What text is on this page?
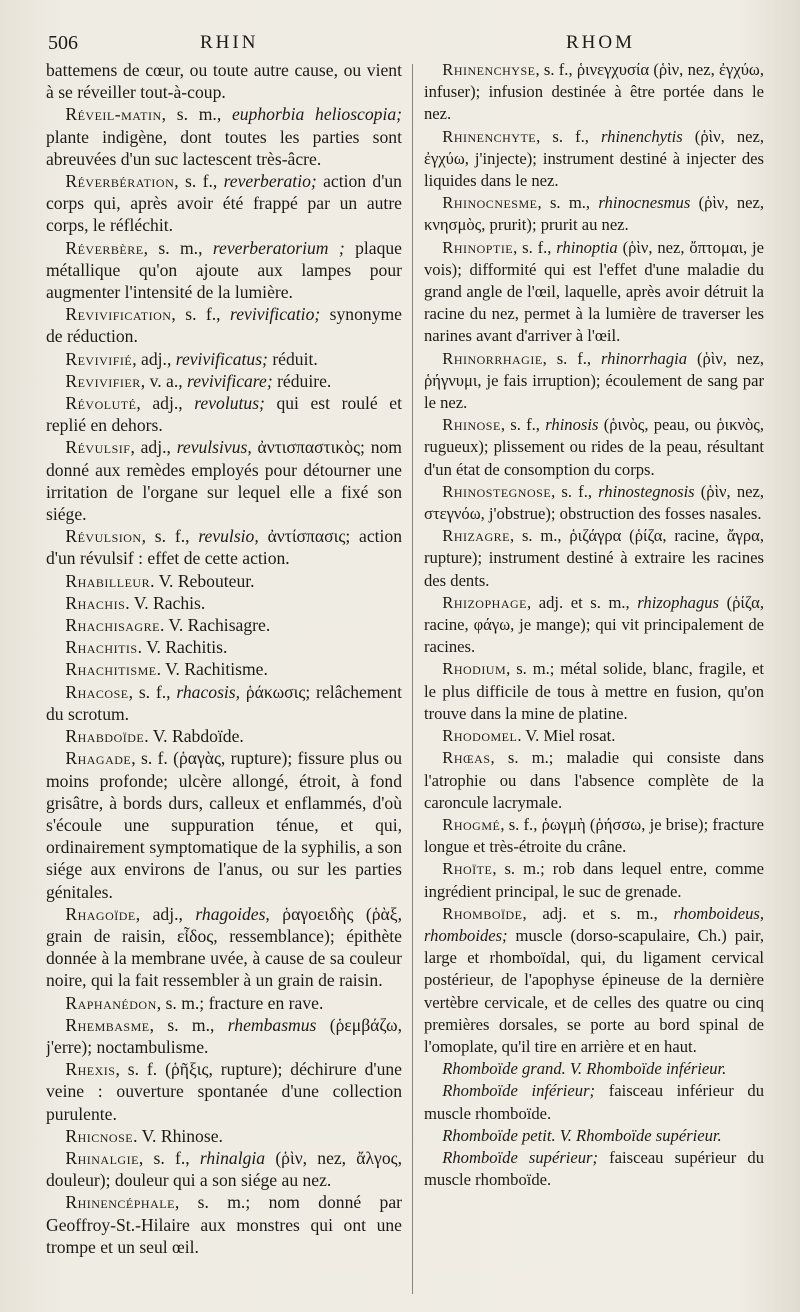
506	RHIN	RHOM

battemens de cœur, ou toute autre cause, ou vient à se réveiller tout-à-coup.

Réveil-matin, s. m., euphorbia helioscopia; plante indigène, dont toutes les parties sont abreuvées d'un suc lactescent très-âcre.

Réverbération, s. f., reverberatio; action d'un corps qui, après avoir été frappé par un autre corps, le réfléchit.

Réverbère, s. m., reverberatorium ; plaque métallique qu'on ajoute aux lampes pour augmenter l'intensité de la lumière.

Revivification, s. f., revivificatio; synonyme de réduction.

Revivifié, adj., revivificatus; réduit.

Revivifier, v. a., revivificare; réduire.

Révoluté, adj., revolutus; qui est roulé et replié en dehors.

Révulsif, adj., revulsivus, ἀντισπαστικὸς; nom donné aux remèdes employés pour détourner une irritation de l'organe sur lequel elle a fixé son siége.

Révulsion, s. f., revulsio, ἀντίσπασις; action d'un révulsif : effet de cette action.

Rhabilleur. V. Rebouteur.

Rhachis. V. Rachis.

Rhachisagre. V. Rachisagre.

Rhachitis. V. Rachitis.

Rhachitisme. V. Rachitisme.

Rhacose, s. f., rhacosis, ῥάκωσις; relâchement du scrotum.

Rhabdoïde. V. Rabdoïde.

Rhagade, s. f. (ῥαγὰς, rupture); fissure plus ou moins profonde; ulcère allongé, étroit, à fond grisâtre, à bords durs, calleux et enflammés, d'où s'écoule une suppuration ténue, et qui, ordinairement symptomatique de la syphilis, a son siége aux environs de l'anus, ou sur les parties génitales.

Rhagoïde, adj., rhagoides, ῥαγοειδὴς (ῥὰξ, grain de raisin, εἶδος, ressemblance); épithète donnée à la membrane uvée, à cause de sa couleur noire, qui la fait ressembler à un grain de raisin.

Raphanédon, s. m.; fracture en rave.

Rhembasme, s. m., rhembasmus (ῥεμβάζω, j'erre); noctambulisme.

Rhexis, s. f. (ῥῆξις, rupture); déchirure d'une veine : ouverture spontanée d'une collection purulente.

Rhicnose. V. Rhinose.

Rhinalgie, s. f., rhinalgia (ῥὶν, nez, ἄλγος, douleur); douleur qui a son siége au nez.

Rhinencéphale, s. m.; nom donné par Geoffroy-St.-Hilaire aux monstres qui ont une trompe et un seul œil.

Rhinenchyse, s. f., ῥινεγχυσία (ῥὶν, nez, ἐγχύω, infuser); infusion destinée à être portée dans le nez.

Rhinenchyte, s. f., rhinenchytis (ῥὶν, nez, ἐγχύω, j'injecte); instrument destiné à injecter des liquides dans le nez.

Rhinocnesme, s. m., rhinocnesmus (ῥὶν, nez, κνησμὸς, prurit); prurit au nez.

Rhinoptie, s. f., rhinoptia (ῥὶν, nez, ὄπτομαι, je vois); difformité qui est l'effet d'une maladie du grand angle de l'œil, laquelle, après avoir détruit la racine du nez, permet à la lumière de traverser les narines avant d'arriver à l'œil.

Rhinorrhagie, s. f., rhinorrhagia (ῥὶν, nez, ῥήγνυμι, je fais irruption); écoulement de sang par le nez.

Rhinose, s. f., rhinosis (ῥινὸς, peau, ou ῥικνὸς, rugueux); plissement ou rides de la peau, résultant d'un état de consomption du corps.

Rhinostegnose, s. f., rhinostegnosis (ῥὶν, nez, στεγνόω, j'obstrue); obstruction des fosses nasales.

Rhizagre, s. m., ῥιζάγρα (ῥίζα, racine, ἄγρα, rupture); instrument destiné à extraire les racines des dents.

Rhizophage, adj. et s. m., rhizophagus (ῥίζα, racine, φάγω, je mange); qui vit principalement de racines.

Rhodium, s. m.; métal solide, blanc, fragile, et le plus difficile de tous à mettre en fusion, qu'on trouve dans la mine de platine.

Rhodomel. V. Miel rosat.

Rhœas, s. m.; maladie qui consiste dans l'atrophie ou dans l'absence complète de la caroncule lacrymale.

Rhogmé, s. f., ῥωγμὴ (ῥήσσω, je brise); fracture longue et très-étroite du crâne.

Rhoïte, s. m.; rob dans lequel entre, comme ingrédient principal, le suc de grenade.

Rhomboïde, adj. et s. m., rhomboideus, rhomboides; muscle (dorso-scapulaire, Ch.) pair, large et rhomboïdal, qui, du ligament cervical postérieur, de l'apophyse épineuse de la dernière vertèbre cervicale, et de celles des quatre ou cinq premières dorsales, se porte au bord spinal de l'omoplate, qu'il tire en arrière et en haut.

Rhomboïde grand. V. Rhomboïde inférieur.

Rhomboïde inférieur; faisceau inférieur du muscle rhomboïde.

Rhomboïde petit. V. Rhomboïde supérieur.

Rhomboïde supérieur; faisceau supérieur du muscle rhomboïde.
